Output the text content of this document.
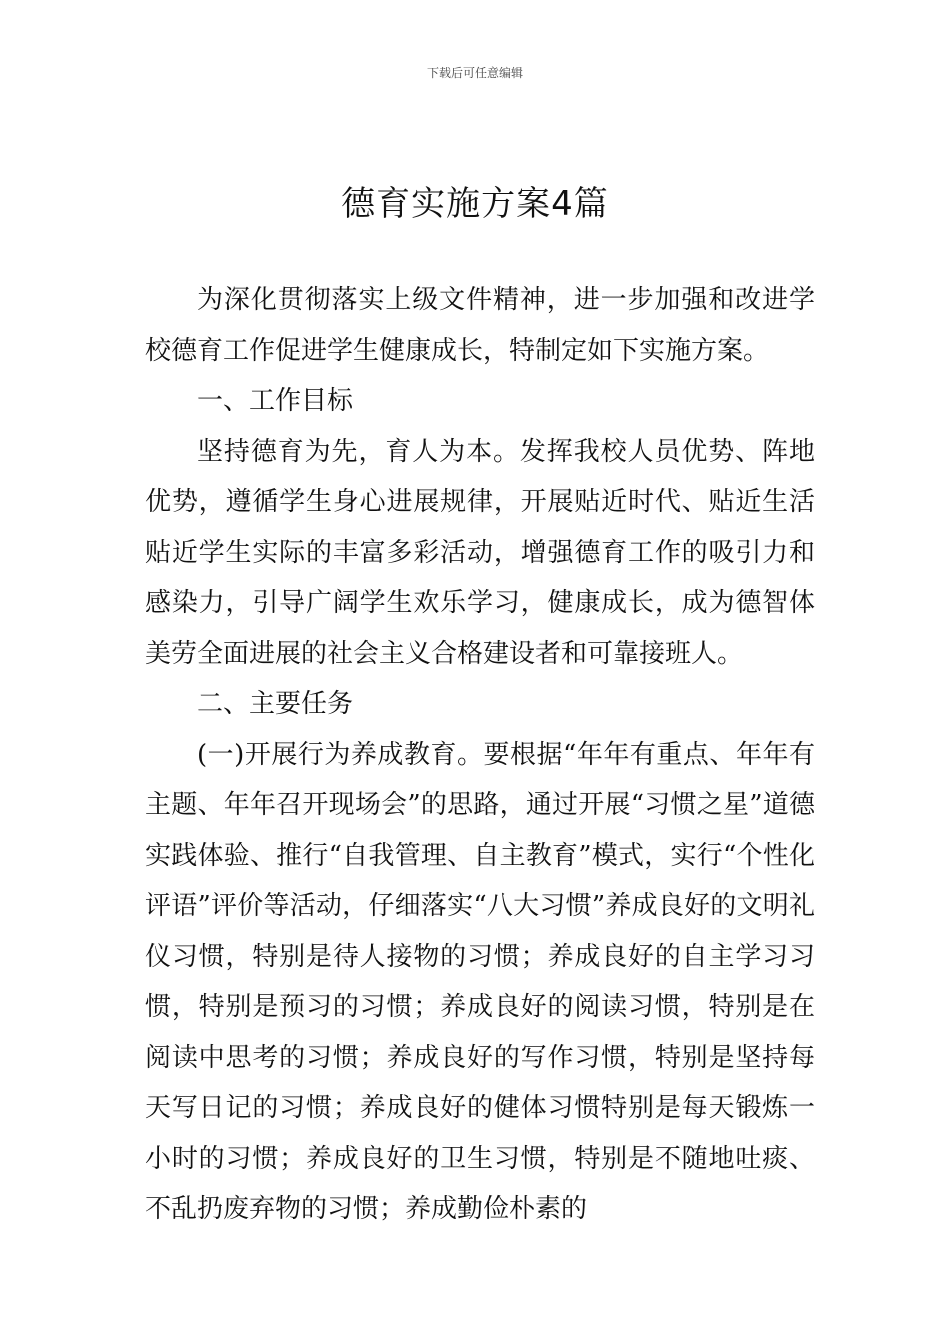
下载后可任意编辑
德育实施方案4篇

为深化贯彻落实上级文件精神，进一步加强和改进学校德育工作促进学生健康成长，特制定如下实施方案。

一、工作目标

坚持德育为先，育人为本。发挥我校人员优势、阵地优势，遵循学生身心进展规律，开展贴近时代、贴近生活贴近学生实际的丰富多彩活动，增强德育工作的吸引力和感染力，引导广阔学生欢乐学习，健康成长，成为德智体美劳全面进展的社会主义合格建设者和可靠接班人。

二、主要任务

(一)开展行为养成教育。要根据“年年有重点、年年有主题、年年召开现场会”的思路，通过开展“习惯之星”道德实践体验、推行“自我管理、自主教育”模式，实行“个性化评语”评价等活动，仔细落实“八大习惯”养成良好的文明礼仪习惯，特别是待人接物的习惯；养成良好的自主学习习惯，特别是预习的习惯；养成良好的阅读习惯，特别是在阅读中思考的习惯；养成良好的写作习惯，特别是坚持每天写日记的习惯；养成良好的健体习惯特别是每天锻炼一小时的习惯；养成良好的卫生习惯，特别是不随地吐痰、不乱扔废弃物的习惯；养成勤俭朴素的
